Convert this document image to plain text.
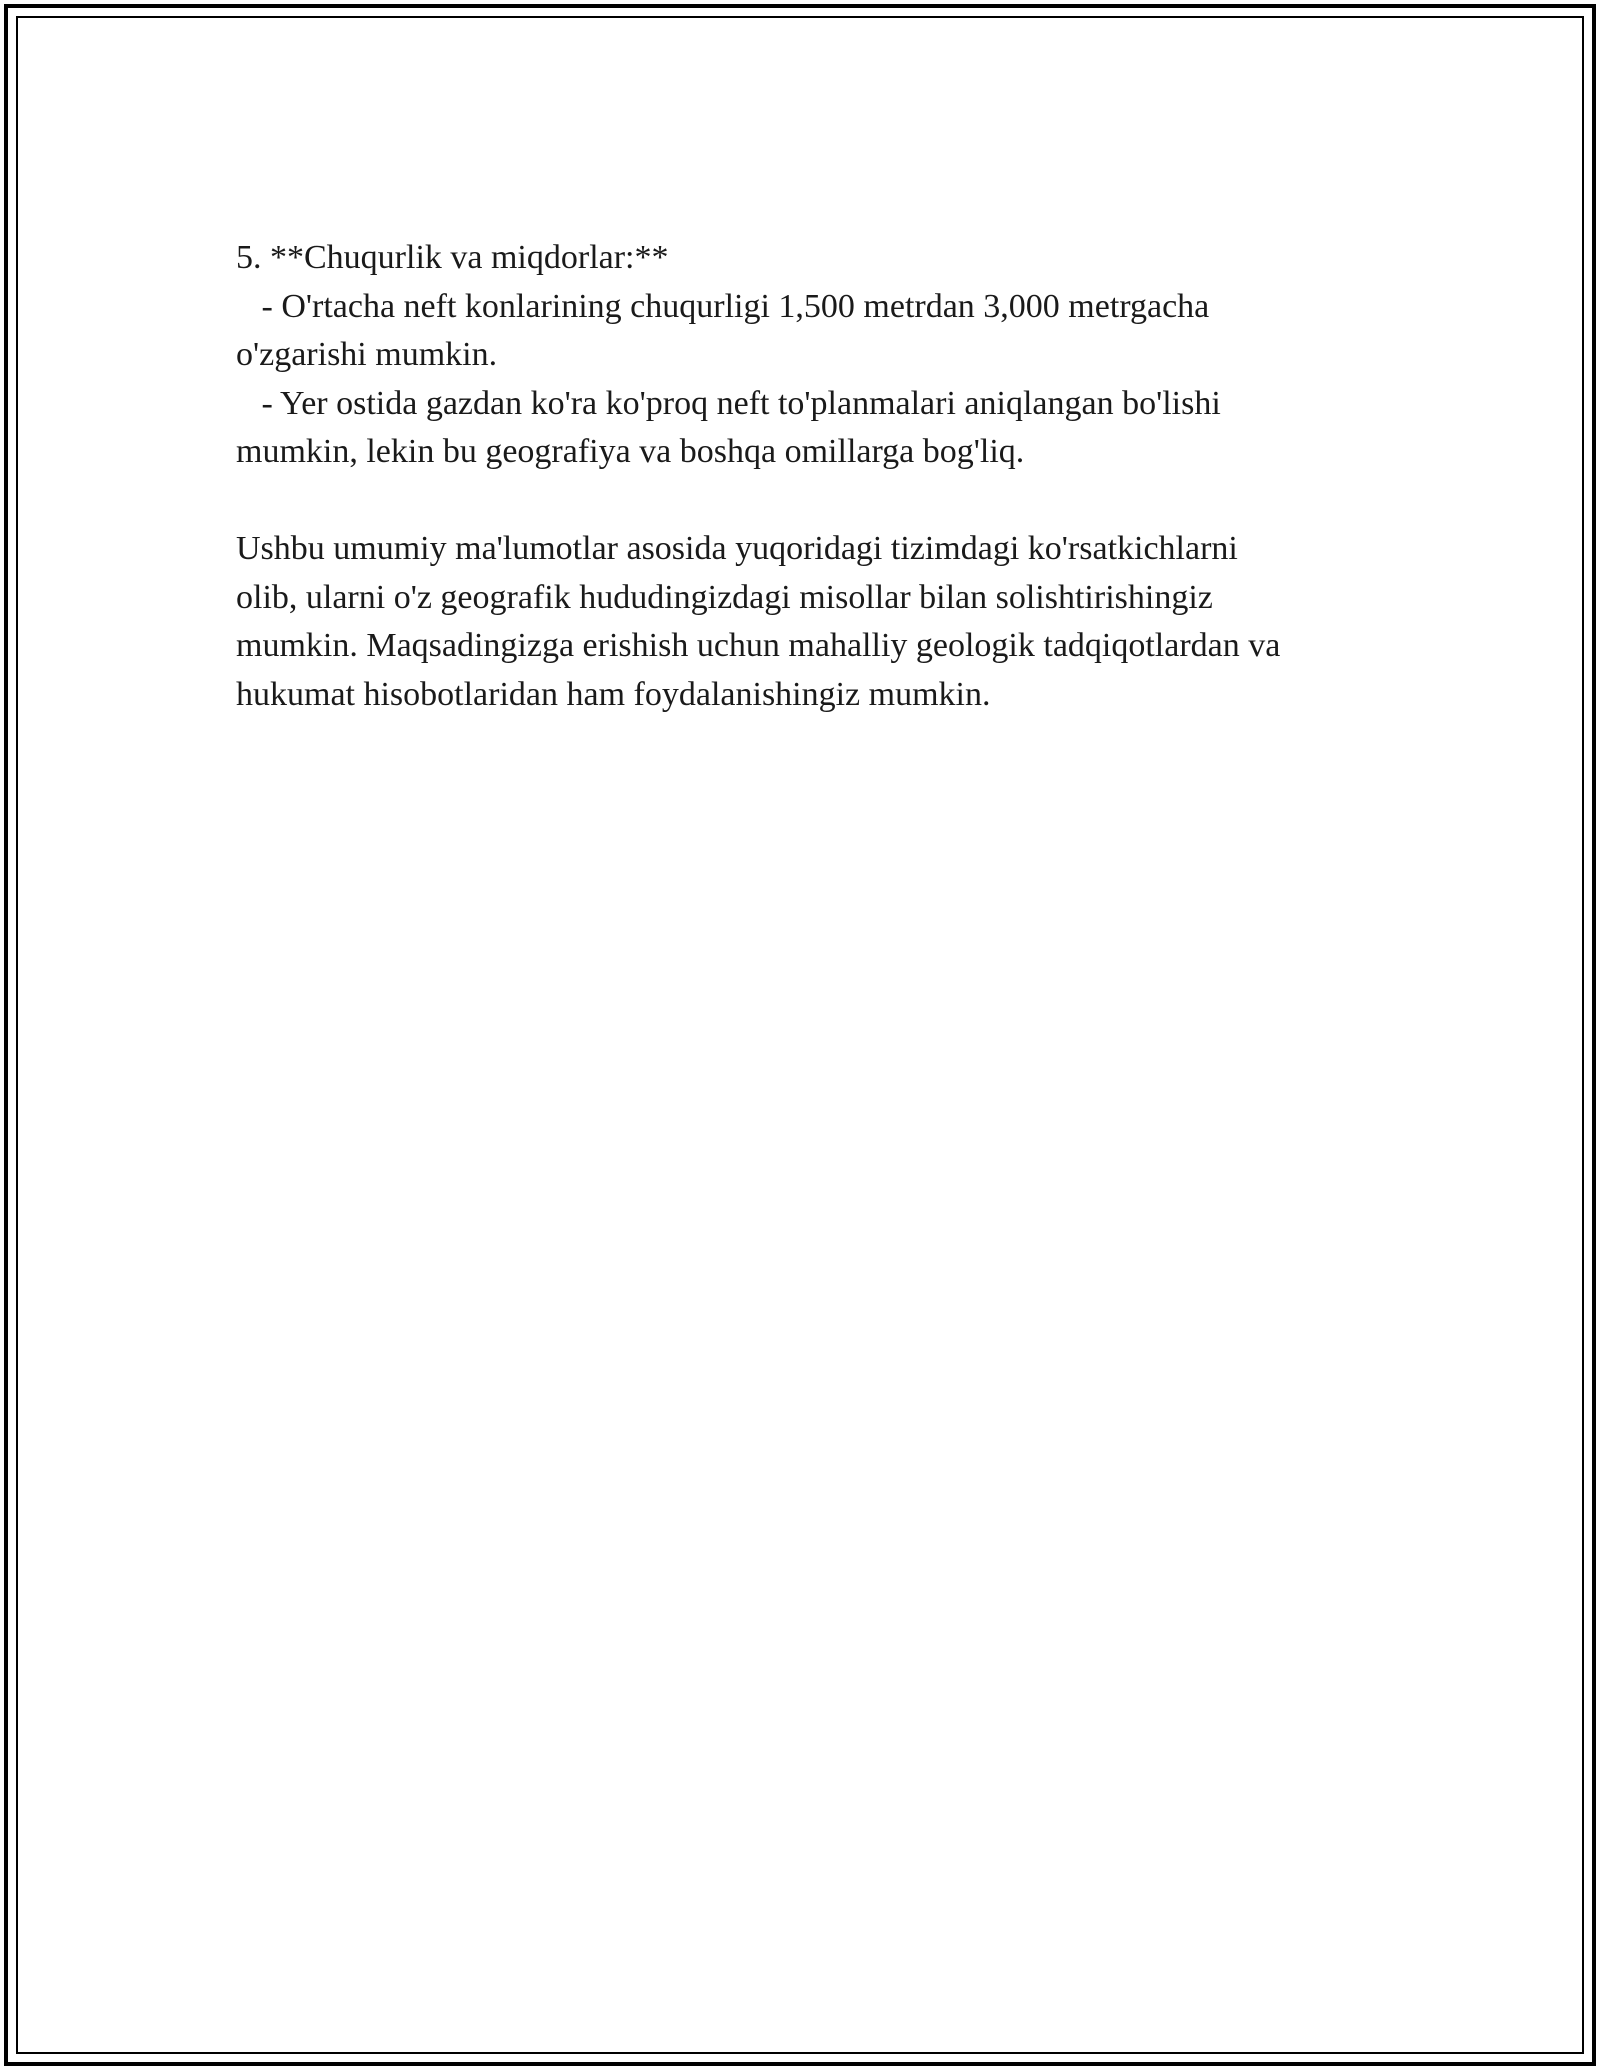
5. **Chuqurlik va miqdorlar:**

- O'rtacha neft konlarining chuqurligi 1,500 metrdan 3,000 metrgacha

o'zgarishi mumkin.

- Yer ostida gazdan ko'ra ko'proq neft to'planmalari aniqlangan bo'lishi

mumkin, lekin bu geografiya va boshqa omillarga bog'liq.

Ushbu umumiy ma'lumotlar asosida yuqoridagi tizimdagi ko'rsatkichlarni

olib, ularni o'z geografik hududingizdagi misollar bilan solishtirishingiz

mumkin. Maqsadingizga erishish uchun mahalliy geologik tadqiqotlardan va

hukumat hisobotlaridan ham foydalanishingiz mumkin.
